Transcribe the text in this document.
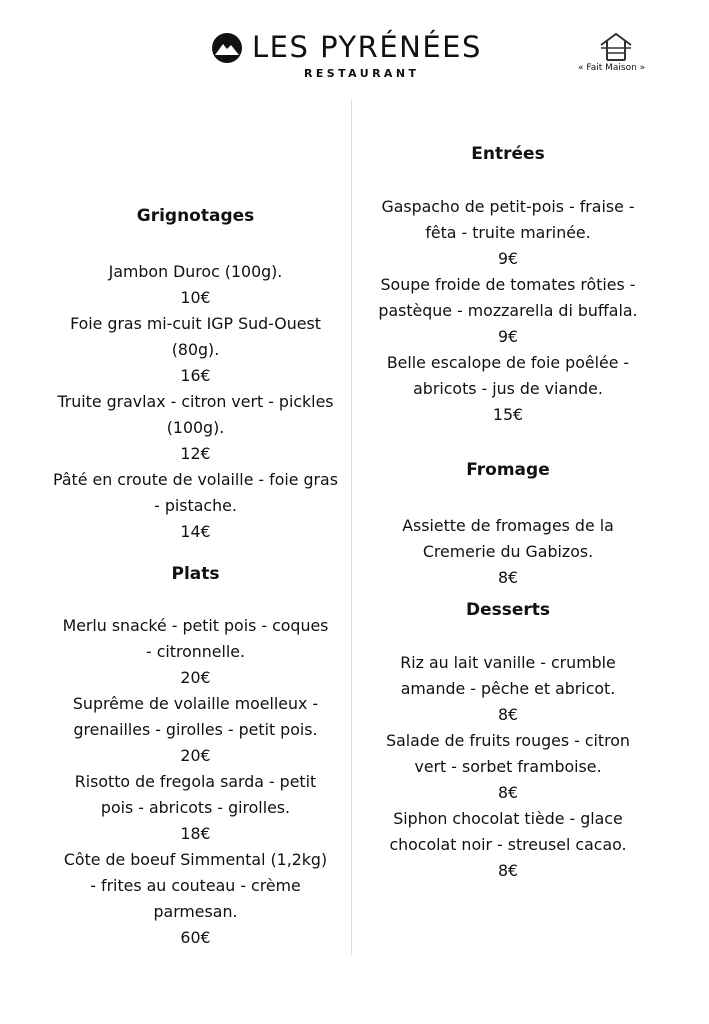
LES PYRÉNÉES
RESTAURANT	« Fait Maison »
Grignotages
Jambon Duroc (100g).
10€
Foie gras mi-cuit IGP Sud-Ouest
(80g).
16€
Truite gravlax - citron vert - pickles
(100g).
12€
Pâté en croute de volaille - foie gras
- pistache.
14€
Plats
Merlu snacké - petit pois - coques
- citronnelle.
20€
Suprême de volaille moelleux -
grenailles - girolles - petit pois.
20€
Risotto de fregola sarda - petit
pois - abricots - girolles.
18€
Côte de boeuf Simmental (1,2kg)
- frites au couteau - crème
parmesan.
60€
Entrées
Gaspacho de petit-pois - fraise -
fêta - truite marinée.
9€
Soupe froide de tomates rôties -
pastèque - mozzarella di buffala.
9€
Belle escalope de foie poêlée -
abricots - jus de viande.
15€
Fromage
Assiette de fromages de la
Cremerie du Gabizos.
8€
Desserts
Riz au lait vanille - crumble
amande - pêche et abricot.
8€
Salade de fruits rouges - citron
vert - sorbet framboise.
8€
Siphon chocolat tiède - glace
chocolat noir - streusel cacao.
8€
